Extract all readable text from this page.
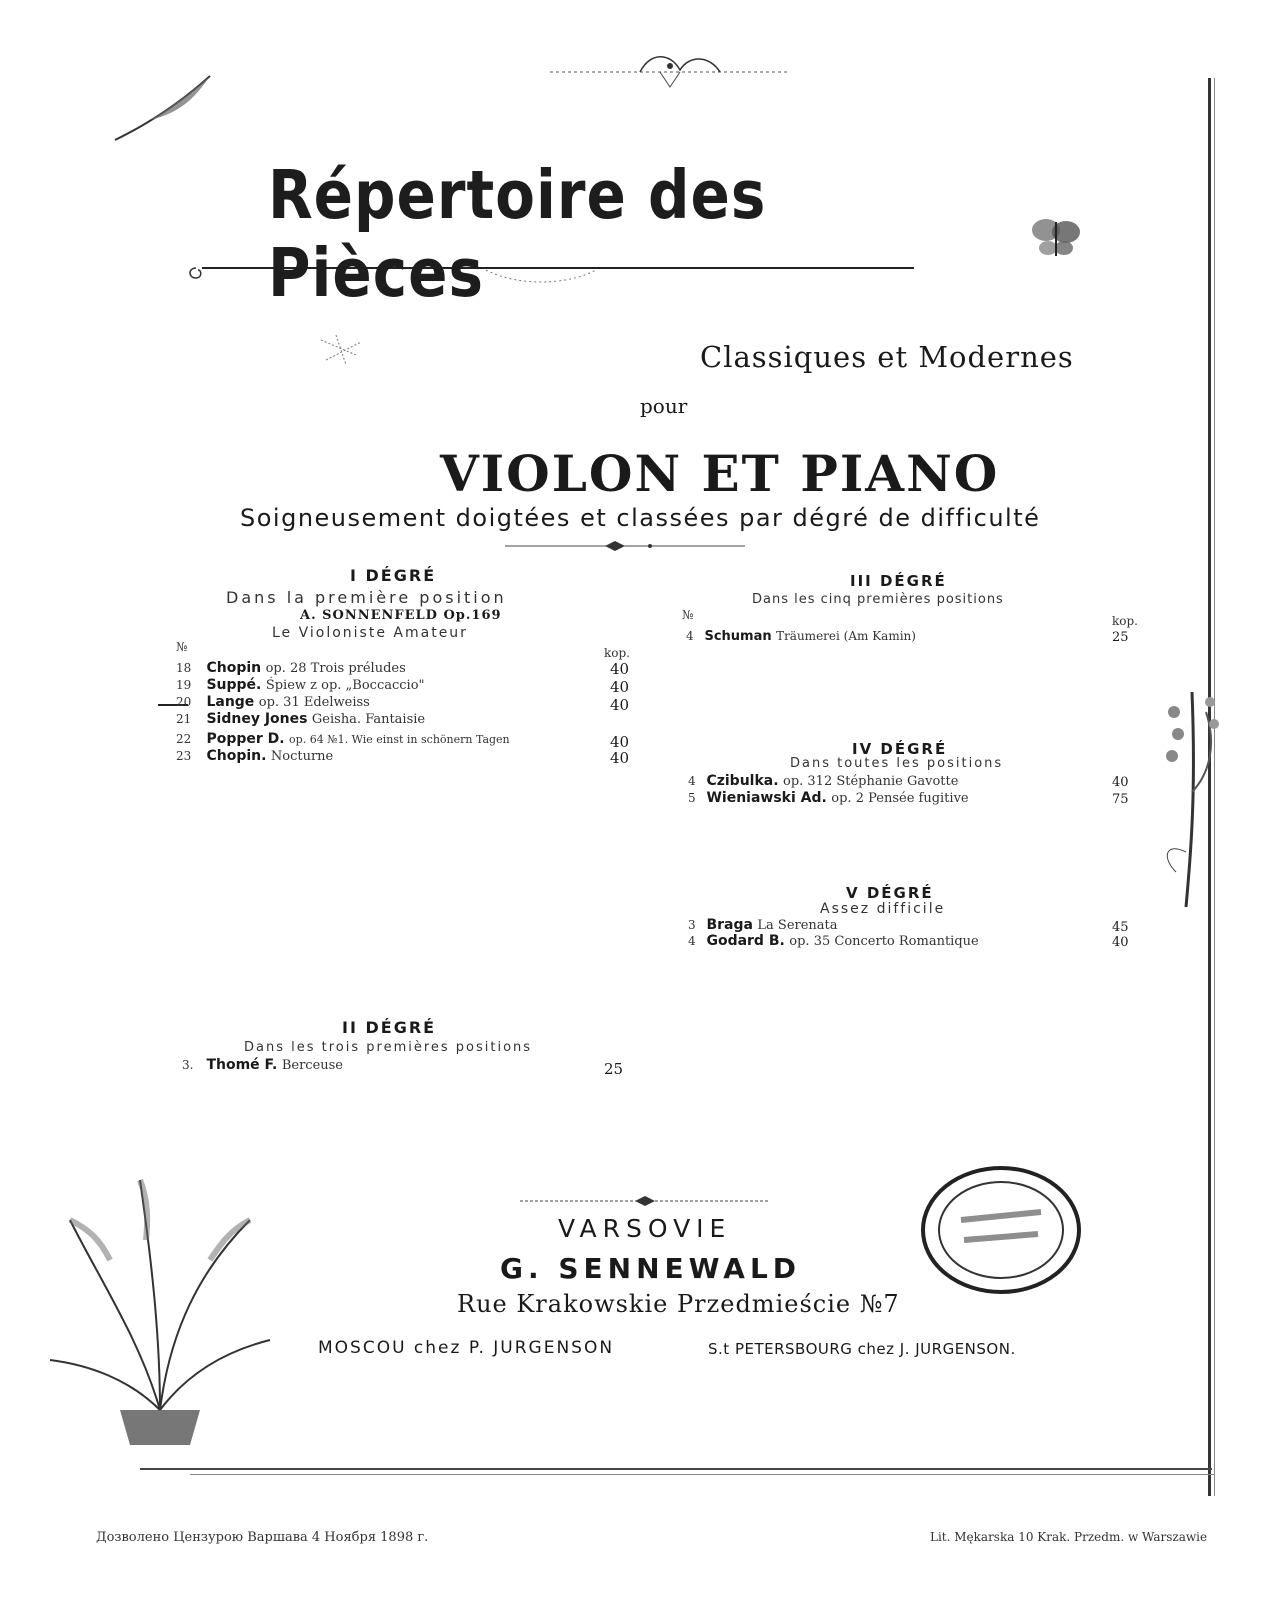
Répertoire des Pièces
Classiques et Modernes
pour
VIOLON ET PIANO
Soigneusement doigtées et classées par dégré de difficulté
I DÉGRÉ
Dans la première position
A. SONNENFELD Op.169
Le Violoniste Amateur
№	kop.
18 Chopin op. 28 Trois préludes	40
19 Suppé. Śpiew z op. „Boccaccio"	40
20 Lange op. 31 Edelweiss	40
21 Sidney Jones Geisha. Fantaisie
22 Popper D. op. 64 №1. Wie einst in schönern Tagen	40
23 Chopin. Nocturne	40
II DÉGRÉ
Dans les trois premières positions
3. Thomé F. Berceuse	25
III DÉGRÉ
Dans les cinq premières positions
№	kop.
4 Schuman Träumerei (Am Kamin)	25
IV DÉGRÉ
Dans toutes les positions
4 Czibulka. op. 312 Stéphanie Gavotte	40
5 Wieniawski Ad. op. 2 Pensée fugitive	75
V DÉGRÉ
Assez difficile
3 Braga La Serenata	45
4 Godard B. op. 35 Concerto Romantique	40
VARSOVIE
G. SENNEWALD
Rue Krakowskie Przedmieście №7
MOSCOU chez P. JURGENSON	S.t PETERSBOURG chez J. JURGENSON.
Дозволено Цензурою Варшава 4 Ноября 1898 г.	Lit. Mękarska 10 Krak. Przedm. w Warszawie
